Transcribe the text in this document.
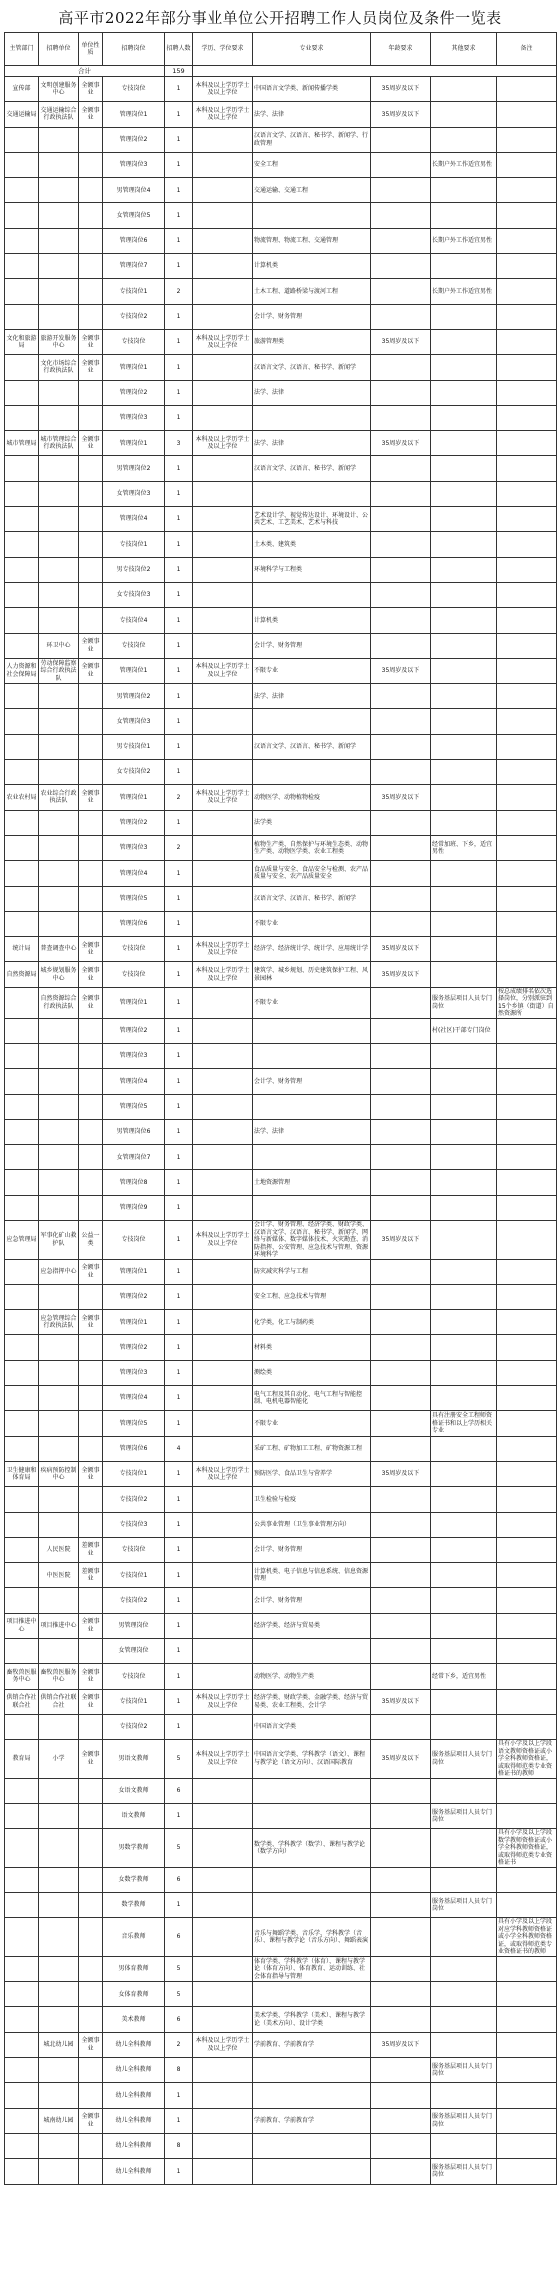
高平市2022年部分事业单位公开招聘工作人员岗位及条件一览表
主管部门	招聘单位	单位性质	招聘岗位	招聘人数	学历、学位要求	专业要求	年龄要求	其他要求	备注
合计				159					
宣传部	文明创建服务中心	全额事业	专技岗位	1	本科及以上学历学士及以上学位	中国语言文学类、新闻传播学类	35周岁及以下		
交通运输局	交通运输综合行政执法队	全额事业	管理岗位1	1	本科及以上学历学士及以上学位	法学、法律	35周岁及以下		
			管理岗位2	1		汉语言文学、汉语言、秘书学、新闻学、行政管理			
			管理岗位3	1		安全工程		长期户外工作适宜男性	
			男管理岗位4	1		交通运输、交通工程			
			女管理岗位5	1					
			管理岗位6	1		物流管理、物流工程、交通管理		长期户外工作适宜男性	
			管理岗位7	1		计算机类			
			专技岗位1	2		土木工程、道路桥梁与渡河工程		长期户外工作适宜男性	
			专技岗位2	1		会计学、财务管理			
文化和旅游局	旅游开发服务中心	全额事业	专技岗位	1	本科及以上学历学士及以上学位	旅游管理类	35周岁及以下		
	文化市场综合行政执法队	全额事业	管理岗位1	1		汉语言文学、汉语言、秘书学、新闻学			
			管理岗位2	1		法学、法律			
			管理岗位3	1					
城市管理局	城市管理综合行政执法队	全额事业	管理岗位1	3	本科及以上学历学士及以上学位	法学、法律	35周岁及以下		
			男管理岗位2	1		汉语言文学、汉语言、秘书学、新闻学			
			女管理岗位3	1					
			管理岗位4	1		艺术设计学、视觉传达设计、环境设计、公共艺术、工艺美术、艺术与科技			
			专技岗位1	1		土木类、建筑类			
			男专技岗位2	1		环境科学与工程类			
			女专技岗位3	1					
			专技岗位4	1		计算机类			
	环卫中心	全额事业	专技岗位	1		会计学、财务管理			
人力资源和社会保障局	劳动保障监察综合行政执法队	全额事业	管理岗位1	1	本科及以上学历学士及以上学位	不限专业	35周岁及以下		
			男管理岗位2	1		法学、法律			
			女管理岗位3	1					
			男专技岗位1	1		汉语言文学、汉语言、秘书学、新闻学			
			女专技岗位2	1					
农业农村局	农业综合行政执法队	全额事业	管理岗位1	2	本科及以上学历学士及以上学位	动物医学、动物植物检疫	35周岁及以下		
			管理岗位2	1		法学类			
			管理岗位3	2		植物生产类、自然保护与环境生态类、动物生产类、动物医学类、农业工程类		经常加班、下乡，适宜男性	
			管理岗位4	1		食品质量与安全、食品安全与检测、农产品质量与安全、农产品质量安全			
			管理岗位5	1		汉语言文学、汉语言、秘书学、新闻学			
			管理岗位6	1		不限专业			
统计局	普查调查中心	全额事业	专技岗位	1	本科及以上学历学士及以上学位	经济学、经济统计学、统计学、应用统计学	35周岁及以下		
自然资源局	城乡规划服务中心	全额事业	专技岗位	1	本科及以上学历学士及以上学位	建筑学、城乡规划、历史建筑保护工程、风景园林	35周岁及以下		
	自然资源综合行政执法队	全额事业	管理岗位1	1		不限专业		服务基层项目人员专门岗位	按总成绩排名依次选择岗位，分别派驻到15个乡镇（街道）自然资源所
			管理岗位2	1				村(社区)干部专门岗位	
			管理岗位3	1					
			管理岗位4	1		会计学、财务管理			
			管理岗位5	1					
			男管理岗位6	1		法学、法律			
			女管理岗位7	1					
			管理岗位8	1		土地资源管理			
			管理岗位9	1					
应急管理局	军事化矿山救护队	公益一类	专技岗位	1	本科及以上学历学士及以上学位	会计学、财务管理、经济学类、财政学类、汉语言文学、汉语言、秘书学、新闻学、网络与新媒体、数字媒体技术、火灾勘查、消防指挥、公安管理、应急技术与管理、资源环境科学	35周岁及以下		
	应急指挥中心	全额事业	管理岗位1	1		防灾减灾科学与工程			
			管理岗位2	1		安全工程、应急技术与管理			
	应急管理综合行政执法队	全额事业	管理岗位1	1		化学类，化工与制药类			
			管理岗位2	1		材料类			
			管理岗位3	1		测绘类			
			管理岗位4	1		电气工程及其自动化、电气工程与智能控制、电机电器智能化			
			管理岗位5	1		不限专业		具有注册安全工程师资格证书和以上学历相关专业	
			管理岗位6	4		采矿工程、矿物加工工程、矿物资源工程			
卫生健康和体育局	疾病预防控制中心	全额事业	专技岗位1	1	本科及以上学历学士及以上学位	预防医学、食品卫生与营养学	35周岁及以下		
			专技岗位2	1		卫生检验与检疫			
			专技岗位3	1		公共事业管理（卫生事业管理方向）			
	人民医院	差额事业	专技岗位	1		会计学、财务管理			
	中医医院	差额事业	专技岗位1	1		计算机类、电子信息与信息系统、信息资源管理			
			专技岗位2	1		会计学、财务管理			
项目推进中心	项目推进中心	全额事业	男管理岗位	1		经济学类、经济与贸易类			
			女管理岗位	1					
畜牧兽医服务中心	畜牧兽医服务中心	全额事业	专技岗位	1		动物医学、动物生产类		经常下乡，适宜男性	
供销合作社联合社	供销合作社联合社	全额事业	专技岗位1	1	本科及以上学历学士及以上学位	经济学类、财政学类、金融学类、经济与贸易类、农业工程类、会计学	35周岁及以下		
			专技岗位2	1		中国语言文学类			
教育局	小学	全额事业	男语文教师	5	本科及以上学历学士及以上学位	中国语言文学类、学科教学（语文）、课程与教学论（语文方向）、汉语国际教育	35周岁及以下	服务基层项目人员专门岗位	具有小学及以上学段语文教师资格证或小学全科教师资格证，或取得师范类专业资格证书的教师
			女语文教师	6					
			语文教师	1				服务基层项目人员专门岗位	
			男数学教师	5		数学类、学科教学（数学）、课程与教学论（数学方向）			具有小学及以上学段数学教师资格证或小学全科教师资格证，或取得师范类专业资格证书
			女数学教师	6					
			数学教师	1				服务基层项目人员专门岗位	
			音乐教师	6		音乐与舞蹈学类、音乐学、学科教学（音乐）、课程与教学论（音乐方向）、舞蹈表演			具有小学及以上学段对应学科教师资格证或小学全科教师资格证，或取得师范类专业资格证书的教师
			男体育教师	5		体育学类、学科教学（体育）、课程与教学论（体育方向）、体育教育、运动训练、社会体育指导与管理			
			女体育教师	5					
			美术教师	6		美术学类、学科教学（美术）、课程与教学论（美术方向）、设计学类			
	城北幼儿园	全额事业	幼儿全科教师	2	本科及以上学历学士及以上学位	学前教育、学前教育学	35周岁及以下		
			幼儿全科教师	8				服务基层项目人员专门岗位	
			幼儿全科教师	1					
	城南幼儿园	全额事业	幼儿全科教师	1		学前教育、学前教育学		服务基层项目人员专门岗位	
			幼儿全科教师	8					
			幼儿全科教师	1				服务基层项目人员专门岗位	
